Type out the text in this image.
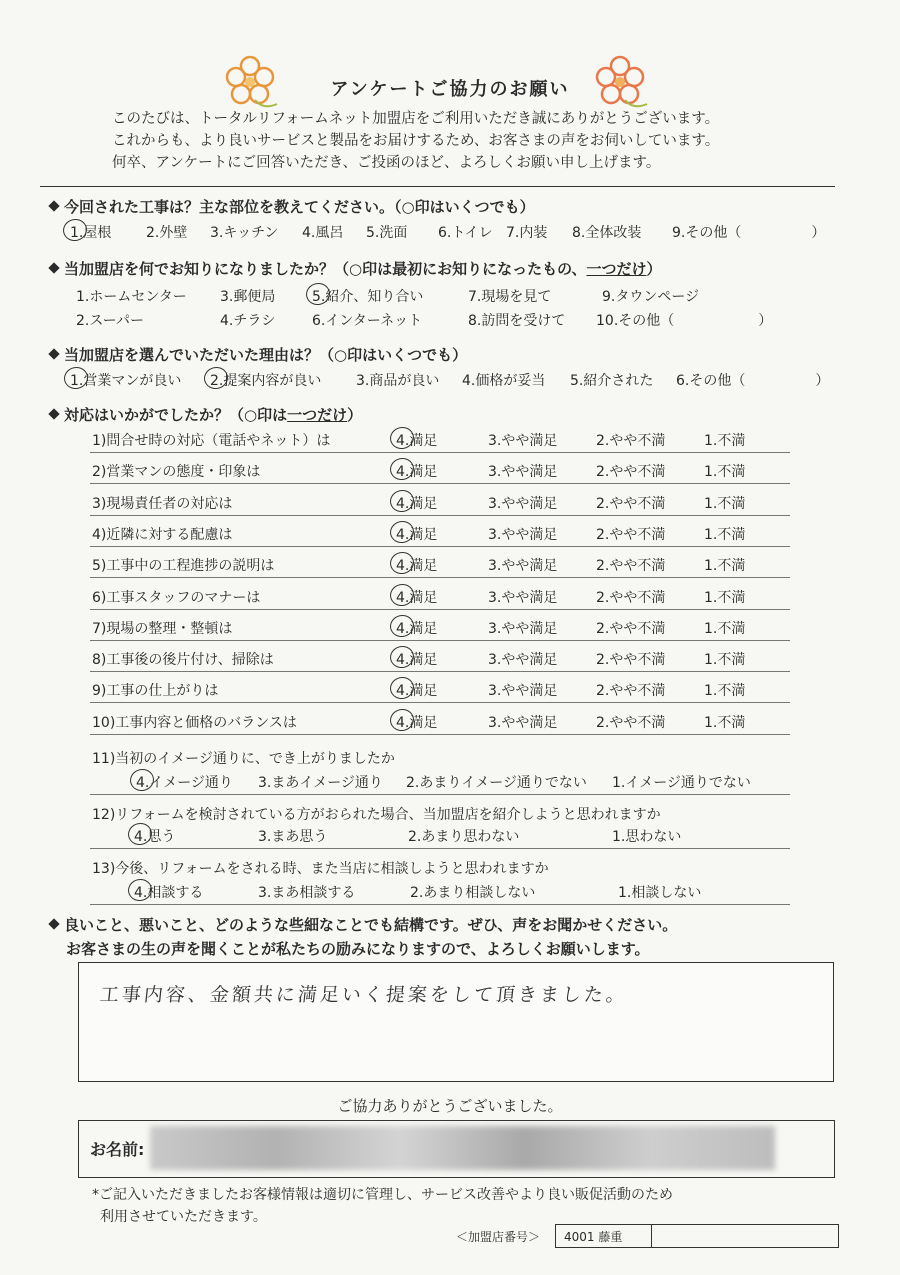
アンケートご協力のお願い
このたびは、トータルリフォームネット加盟店をご利用いただき誠にありがとうございます。
これからも、より良いサービスと製品をお届けするため、お客さまの声をお伺いしています。
何卒、アンケートにご回答いただき、ご投函のほど、よろしくお願い申し上げます。
今回された工事は？主な部位を教えてください。（○印はいくつでも）
1.屋根 2.外壁 3.キッチン 4.風呂 5.洗面 6.トイレ 7.内装 8.全体改装 9.その他（　　　　　）
当加盟店を何でお知りになりましたか？（○印は最初にお知りになったもの、一つだけ）
1.ホームセンター 3.郵便局	5.紹介、知り合い	7.現場を見て	9.タウンページ
2.スーパー	4.チラシ	6.インターネット	8.訪問を受けて 10.その他（　　　　　　）
当加盟店を選んでいただいた理由は？（○印はいくつでも）
1.営業マンが良い 2.提案内容が良い 3.商品が良い 4.価格が妥当 5.紹介された 6.その他（　　　　　）
対応はいかがでしたか？（○印は一つだけ）
1)問合せ時の対応（電話やネット）は	4.満足	3.やや満足	2.やや不満	1.不満
2)営業マンの態度・印象は	4.満足	3.やや満足	2.やや不満	1.不満
3)現場責任者の対応は	4.満足	3.やや満足	2.やや不満	1.不満
4)近隣に対する配慮は	4.満足	3.やや満足	2.やや不満	1.不満
5)工事中の工程進捗の説明は	4.満足	3.やや満足	2.やや不満	1.不満
6)工事スタッフのマナーは	4.満足	3.やや満足	2.やや不満	1.不満
7)現場の整理・整頓は	4.満足	3.やや満足	2.やや不満	1.不満
8)工事後の後片付け、掃除は	4.満足	3.やや満足	2.やや不満	1.不満
9)工事の仕上がりは	4.満足	3.やや満足	2.やや不満	1.不満
10)工事内容と価格のバランスは	4.満足	3.やや満足	2.やや不満	1.不満
11)当初のイメージ通りに、でき上がりましたか
4.イメージ通り 3.まあイメージ通り 2.あまりイメージ通りでない 1.イメージ通りでない
12)リフォームを検討されている方がおられた場合、当加盟店を紹介しようと思われますか
4.思う	3.まあ思う	2.あまり思わない	1.思わない
13)今後、リフォームをされる時、また当店に相談しようと思われますか
4.相談する	3.まあ相談する	2.あまり相談しない	1.相談しない
良いこと、悪いこと、どのような些細なことでも結構です。ぜひ、声をお聞かせください。
お客さまの生の声を聞くことが私たちの励みになりますので、よろしくお願いします。
工事内容、金額共に満足いく提案をして頂きました。
ご協力ありがとうございました。
お名前:
*ご記入いただきましたお客様情報は適切に管理し、サービス改善やより良い販促活動のため
利用させていただきます。
＜加盟店番号＞ 4001 藤重
